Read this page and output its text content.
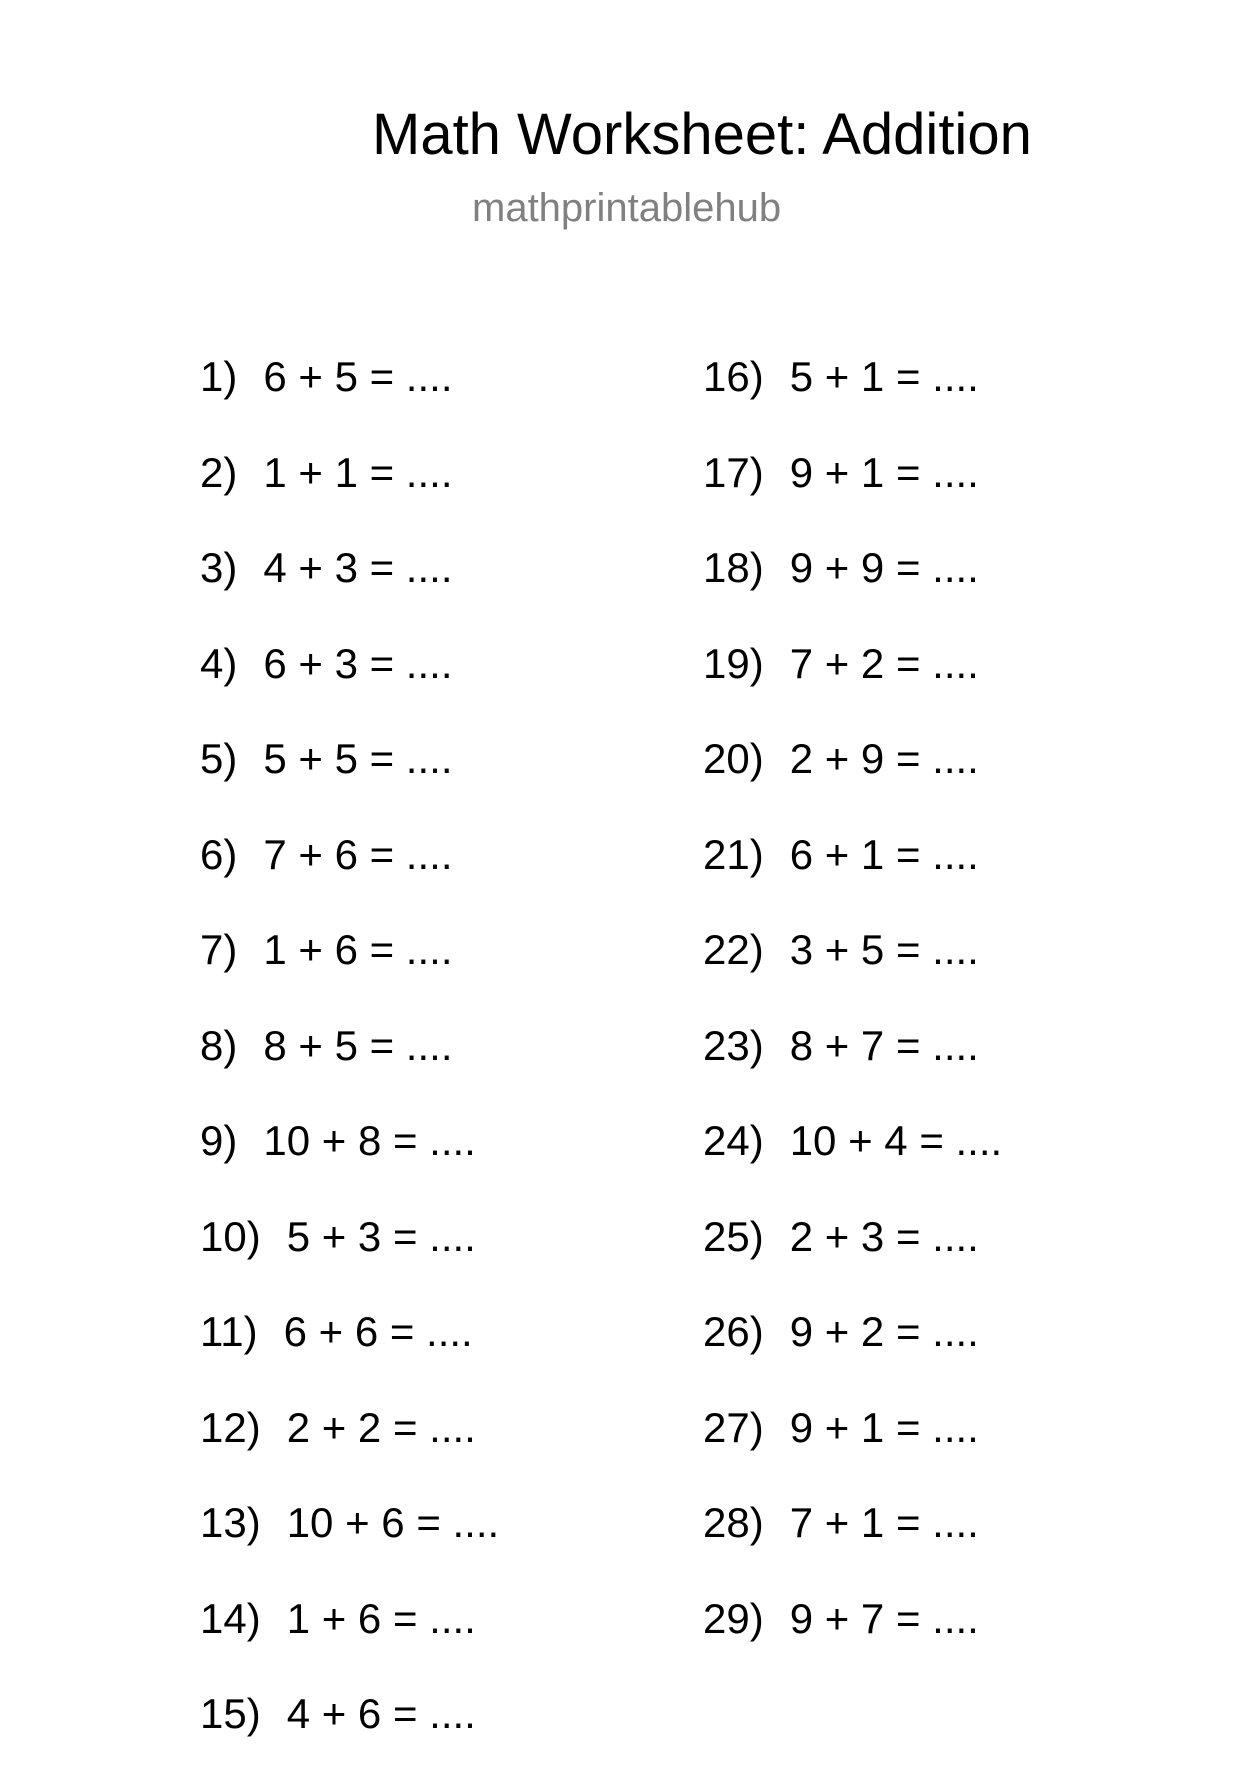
Math Worksheet: Addition
mathprintablehub
1) 6 + 5 = ....
2) 1 + 1 = ....
3) 4 + 3 = ....
4) 6 + 3 = ....
5) 5 + 5 = ....
6) 7 + 6 = ....
7) 1 + 6 = ....
8) 8 + 5 = ....
9) 10 + 8 = ....
10) 5 + 3 = ....
11) 6 + 6 = ....
12) 2 + 2 = ....
13) 10 + 6 = ....
14) 1 + 6 = ....
15) 4 + 6 = ....
16) 5 + 1 = ....
17) 9 + 1 = ....
18) 9 + 9 = ....
19) 7 + 2 = ....
20) 2 + 9 = ....
21) 6 + 1 = ....
22) 3 + 5 = ....
23) 8 + 7 = ....
24) 10 + 4 = ....
25) 2 + 3 = ....
26) 9 + 2 = ....
27) 9 + 1 = ....
28) 7 + 1 = ....
29) 9 + 7 = ....
